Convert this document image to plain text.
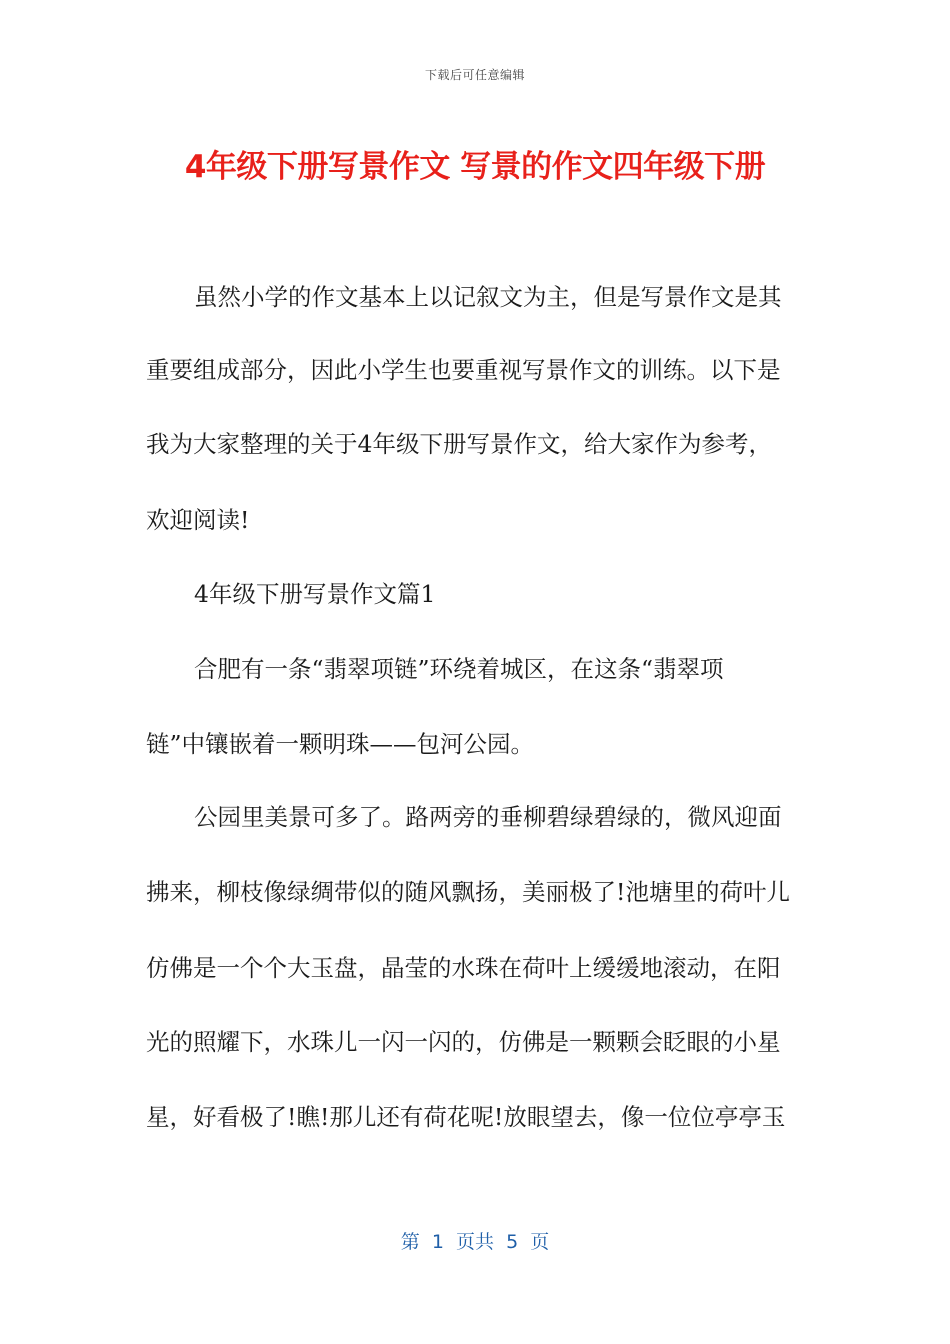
下载后可任意编辑
4年级下册写景作文 写景的作文四年级下册
虽然小学的作文基本上以记叙文为主，但是写景作文是其
重要组成部分，因此小学生也要重视写景作文的训练。以下是
我为大家整理的关于4年级下册写景作文，给大家作为参考，
欢迎阅读!
4年级下册写景作文篇1
合肥有一条“翡翠项链”环绕着城区，在这条“翡翠项
链”中镶嵌着一颗明珠——包河公园。
公园里美景可多了。路两旁的垂柳碧绿碧绿的，微风迎面
拂来，柳枝像绿绸带似的随风飘扬，美丽极了!池塘里的荷叶儿
仿佛是一个个大玉盘，晶莹的水珠在荷叶上缓缓地滚动，在阳
光的照耀下，水珠儿一闪一闪的，仿佛是一颗颗会眨眼的小星
星，好看极了!瞧!那儿还有荷花呢!放眼望去，像一位位亭亭玉
第  1  页共  5  页
